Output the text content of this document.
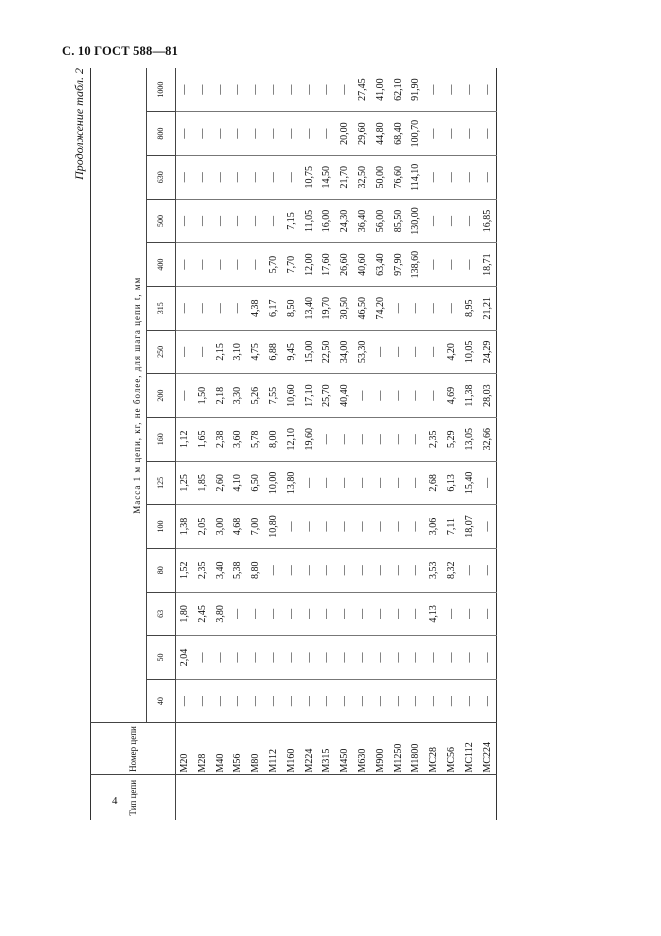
С. 10 ГОСТ 588—81
Продолжение табл. 2
Тип цепи	Номер цепи															
		Масса 1 м цепи, кг, не более, для шага цепи t, мм														
		40	50	63	80	100	125	160	200	250	315	400	500	630	800	1000
	М20	—	2,04	1,80	1,52	1,38	1,25	1,12	—	—	—	—	—	—	—	—
	М28	—	—	2,45	2,35	2,05	1,85	1,65	1,50	—	—	—	—	—	—	—
	М40	—	—	3,80	3,40	3,00	2,60	2,38	2,18	2,15	—	—	—	—	—	—
	М56	—	—	—	5,38	4,68	4,10	3,60	3,30	3,10	—	—	—	—	—	—
	М80	—	—	—	8,80	7,00	6,50	5,78	5,26	4,75	4,38	—	—	—	—	—
	М112	—	—	—	—	10,80	10,00	8,00	7,55	6,88	6,17	5,70	—	—	—	—
	М160	—	—	—	—	—	13,80	12,10	10,60	9,45	8,50	7,70	7,15	—	—	—
	М224	—	—	—	—	—	—	19,60	17,10	15,00	13,40	12,00	11,05	10,75	—	—
	М315	—	—	—	—	—	—	—	25,70	22,50	19,70	17,60	16,00	14,50	—	—
	М450	—	—	—	—	—	—	—	40,40	34,00	30,50	26,60	24,30	21,70	20,00	—
	М630	—	—	—	—	—	—	—	—	53,30	46,50	40,60	36,40	32,50	29,60	27,45
	М900	—	—	—	—	—	—	—	—	—	74,20	63,40	56,00	50,00	44,80	41,00
	М1250	—	—	—	—	—	—	—	—	—	—	97,90	85,50	76,60	68,40	62,10
	М1800	—	—	—	—	—	—	—	—	—	—	138,60	130,00	114,10	100,70	91,90
	МС28	—	—	4,13	3,53	3,06	2,68	2,35	—	—	—	—	—	—	—	—
	МС56	—	—	—	8,32	7,11	6,13	5,29	4,69	4,20	—	—	—	—	—	—
	МС112	—	—	—	—	18,07	15,40	13,05	11,38	10,05	8,95	—	—	—	—	—
	МС224	—	—	—	—	—	—	32,66	28,03	24,29	21,21	18,71	16,85	—	—	—
4
